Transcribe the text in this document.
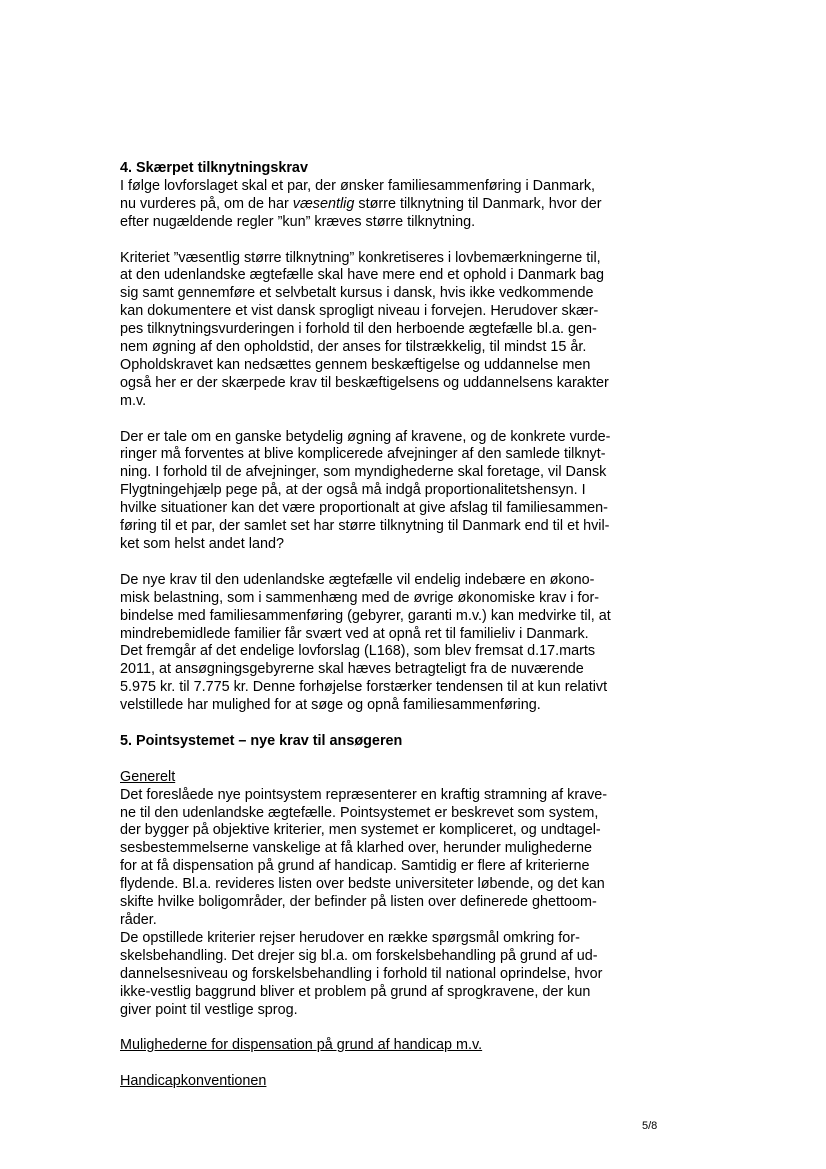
4. Skærpet tilknytningskrav
I følge lovforslaget skal et par, der ønsker familiesammenføring i Danmark,
nu vurderes på, om de har væsentlig større tilknytning til Danmark, hvor der
efter nugældende regler ”kun” kræves større tilknytning.
Kriteriet ”væsentlig større tilknytning” konkretiseres i lovbemærkningerne til,
at den udenlandske ægtefælle skal have mere end et ophold i Danmark bag
sig samt gennemføre et selvbetalt kursus i dansk, hvis ikke vedkommende
kan dokumentere et vist dansk sprogligt niveau i forvejen. Herudover skær-
pes tilknytningsvurderingen i forhold til den herboende ægtefælle bl.a. gen-
nem øgning af den opholdstid, der anses for tilstrækkelig, til mindst 15 år.
Opholdskravet kan nedsættes gennem beskæftigelse og uddannelse men
også her er der skærpede krav til beskæftigelsens og uddannelsens karakter
m.v.
Der er tale om en ganske betydelig øgning af kravene, og de konkrete vurde-
ringer må forventes at blive komplicerede afvejninger af den samlede tilknyt-
ning. I forhold til de afvejninger, som myndighederne skal foretage, vil Dansk
Flygtningehjælp pege på, at der også må indgå proportionalitetshensyn. I
hvilke situationer kan det være proportionalt at give afslag til familiesammen-
føring til et par, der samlet set har større tilknytning til Danmark end til et hvil-
ket som helst andet land?
De nye krav til den udenlandske ægtefælle vil endelig indebære en økono-
misk belastning, som i sammenhæng med de øvrige økonomiske krav i for-
bindelse med familiesammenføring (gebyrer, garanti m.v.) kan medvirke til, at
mindrebemidlede familier får svært ved at opnå ret til familieliv i Danmark.
Det fremgår af det endelige lovforslag (L168), som blev fremsat d.17.marts
2011, at ansøgningsgebyrerne skal hæves betragteligt fra de nuværende
5.975 kr. til 7.775 kr. Denne forhøjelse forstærker tendensen til at kun relativt
velstillede har mulighed for at søge og opnå familiesammenføring.
5. Pointsystemet – nye krav til ansøgeren
Generelt
Det foreslåede nye pointsystem repræsenterer en kraftig stramning af krave-
ne til den udenlandske ægtefælle. Pointsystemet er beskrevet som system,
der bygger på objektive kriterier, men systemet er kompliceret, og undtagel-
sesbestemmelserne vanskelige at få klarhed over, herunder mulighederne
for at få dispensation på grund af handicap. Samtidig er flere af kriterierne
flydende. Bl.a. revideres listen over bedste universiteter løbende, og det kan
skifte hvilke boligområder, der befinder på listen over definerede ghettoom-
råder.
De opstillede kriterier rejser herudover en række spørgsmål omkring for-
skelsbehandling. Det drejer sig bl.a. om forskelsbehandling på grund af ud-
dannelsesniveau og forskelsbehandling i forhold til national oprindelse, hvor
ikke-vestlig baggrund bliver et problem på grund af sprogkravene, der kun
giver point til vestlige sprog.
Mulighederne for dispensation på grund af handicap m.v.
Handicapkonventionen
5/8
